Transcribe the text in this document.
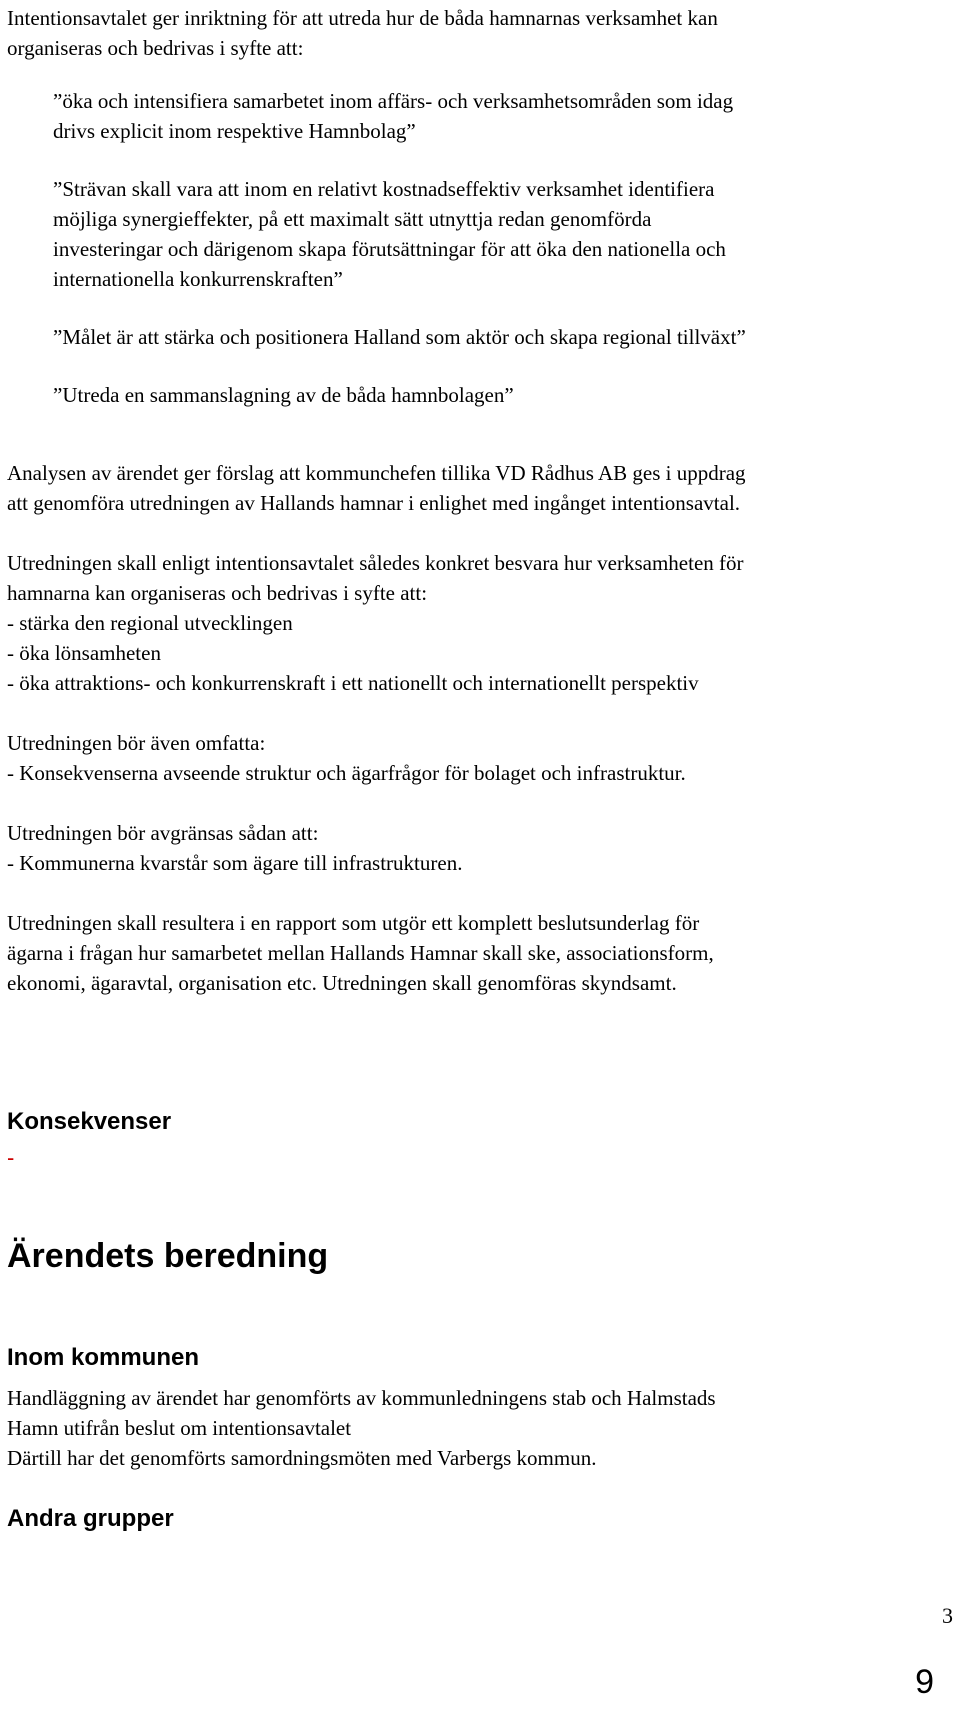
Intentionsavtalet ger inriktning för att utreda hur de båda hamnarnas verksamhet kan
organiseras och bedrivas i syfte att:

”öka och intensifiera samarbetet inom affärs- och verksamhetsområden som idag
drivs explicit inom respektive Hamnbolag”

”Strävan skall vara att inom en relativt kostnadseffektiv verksamhet identifiera
möjliga synergieffekter, på ett maximalt sätt utnyttja redan genomförda
investeringar och därigenom skapa förutsättningar för att öka den nationella och
internationella konkurrenskraften”

”Målet är att stärka och positionera Halland som aktör och skapa regional tillväxt”

”Utreda en sammanslagning av de båda hamnbolagen”

Analysen av ärendet ger förslag att kommunchefen tillika VD Rådhus AB ges i uppdrag
att genomföra utredningen av Hallands hamnar i enlighet med ingånget intentionsavtal.

Utredningen skall enligt intentionsavtalet således konkret besvara hur verksamheten för
hamnarna kan organiseras och bedrivas i syfte att:
- stärka den regional utvecklingen
- öka lönsamheten
- öka attraktions- och konkurrenskraft i ett nationellt och internationellt perspektiv

Utredningen bör även omfatta:
- Konsekvenserna avseende struktur och ägarfrågor för bolaget och infrastruktur.

Utredningen bör avgränsas sådan att:
- Kommunerna kvarstår som ägare till infrastrukturen.

Utredningen skall resultera i en rapport som utgör ett komplett beslutsunderlag för
ägarna i frågan hur samarbetet mellan Hallands Hamnar skall ske, associationsform,
ekonomi, ägaravtal, organisation etc. Utredningen skall genomföras skyndsamt.

Konsekvenser
-
Ärendets beredning
Inom kommunen

Handläggning av ärendet har genomförts av kommunledningens stab och Halmstads
Hamn utifrån beslut om intentionsavtalet
Därtill har det genomförts samordningsmöten med Varbergs kommun.

Andra grupper
3
9
